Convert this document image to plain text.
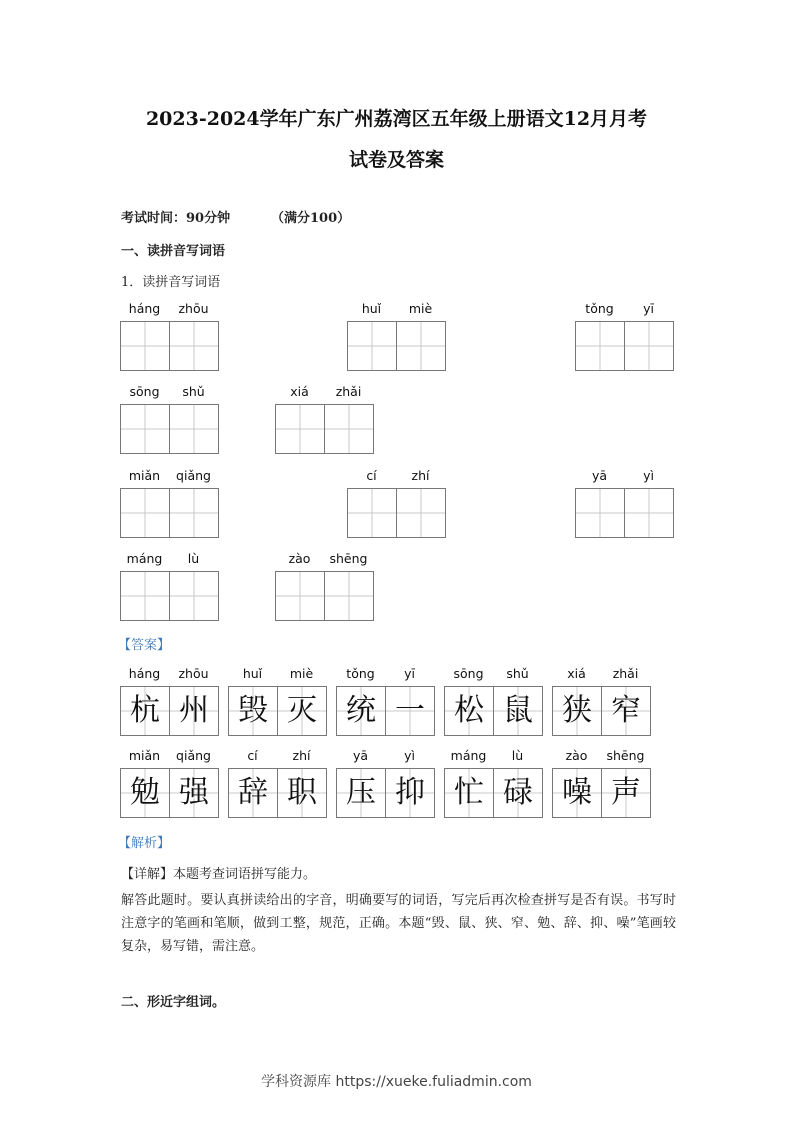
2023-2024学年广东广州荔湾区五年级上册语文12月月考
试卷及答案
考试时间：90分钟	（满分100）
一、读拼音写词语
1．读拼音写词语
háng	zhōu	huǐ	miè	tǒng	yī
sōng	shǔ	xiá	zhǎi
miǎn	qiǎng	cí	zhí	yā	yì
máng	lù	zào	shēng
【答案】
háng	zhōu
杭 州
huǐ	miè
毁 灭
tǒng	yī
统 一
sōng	shǔ
松 鼠
xiá	zhǎi
狭 窄
miǎn	qiǎng
勉 强
cí	zhí
辞 职
yā	yì
压 抑
máng	lù
忙 碌
zào	shēng
噪 声
【解析】
【详解】本题考查词语拼写能力。

解答此题时。要认真拼读给出的字音，明确要写的词语，写完后再次检查拼写是否有误。书写时注意字的笔画和笔顺，做到工整，规范，正确。本题“毁、鼠、狭、窄、勉、辞、抑、噪”笔画较复杂，易写错，需注意。

二、形近字组词。
学科资源库 https://xueke.fuliadmin.com
